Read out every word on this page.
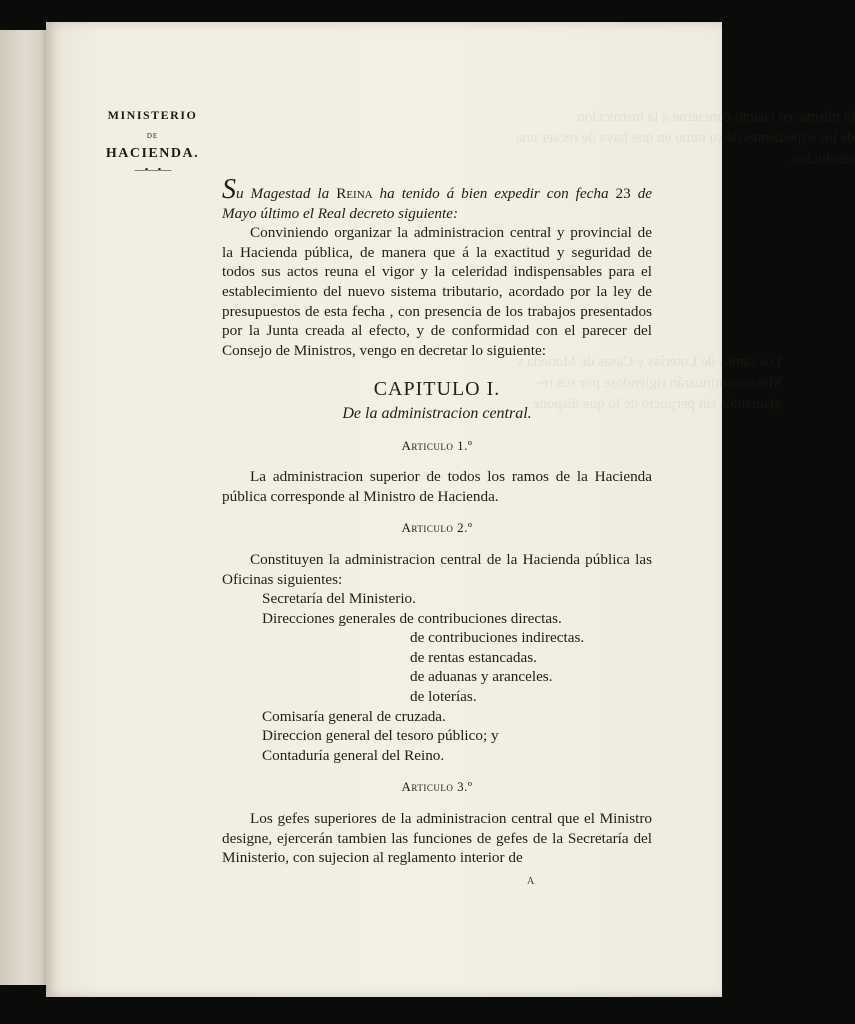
la misma, en cuanto concierne á la instruccion
de los expedientes de su ramo en que haya de recaer una
resolucion.
Los ramos de Loterías y Casas de Moneda y
Minas continuarán rigiéndose por sus re-
glamentos sin perjuicio de lo que dispone
MINISTERIO
DE
HACIENDA.
—•—•—

Su Magestad la Reina ha tenido á bien expedir con fecha 23 de Mayo último el Real decreto siguiente:

Conviniendo organizar la administracion central y provincial de la Hacienda pública, de manera que á la exactitud y seguridad de todos sus actos reuna el vigor y la celeridad indispensables para el establecimiento del nuevo sistema tributario, acordado por la ley de presupuestos de esta fecha , con presencia de los trabajos presentados por la Junta creada al efecto, y de conformidad con el parecer del Consejo de Ministros, vengo en decretar lo siguiente:

CAPITULO I.
De la administracion central.
Articulo 1.º

La administracion superior de todos los ramos de la Hacienda pública corresponde al Ministro de Hacienda.

Articulo 2.º

Constituyen la administracion central de la Hacienda pública las Oficinas siguientes:

Secretaría del Ministerio.
Direcciones generales de contribuciones directas.
de contribuciones indirectas.
de rentas estancadas.
de aduanas y aranceles.
de loterías.
Comisaría general de cruzada.
Direccion general del tesoro público; y
Contaduría general del Reino.
Articulo 3.º

Los gefes superiores de la administracion central que el Ministro designe, ejercerán tambien las funciones de gefes de la Secretaría del Ministerio, con sujecion al reglamento interior de

A
